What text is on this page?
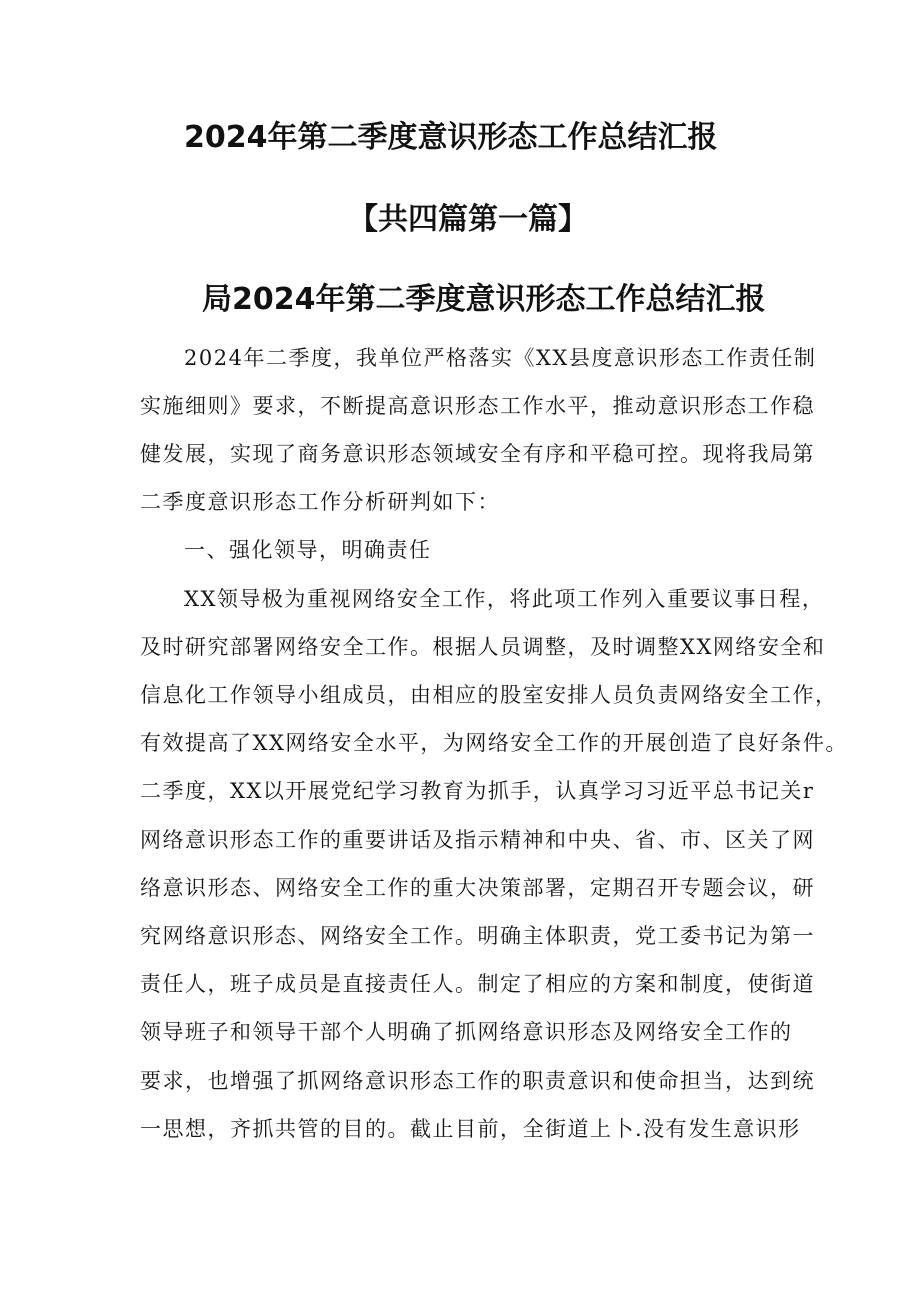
2024年第二季度意识形态工作总结汇报
【共四篇第一篇】
局2024年第二季度意识形态工作总结汇报
2024年二季度，我单位严格落实《XX县度意识形态工作责任制
实施细则》要求，不断提高意识形态工作水平，推动意识形态工作稳
健发展，实现了商务意识形态领域安全有序和平稳可控。现将我局第
二季度意识形态工作分析研判如下：
一、强化领导，明确责任
XX领导极为重视网络安全工作，将此项工作列入重要议事日程，
及时研究部署网络安全工作。根据人员调整，及时调整XX网络安全和
信息化工作领导小组成员，由相应的股室安排人员负责网络安全工作，
有效提高了XX网络安全水平，为网络安全工作的开展创造了良好条件。
二季度，XX以开展党纪学习教育为抓手，认真学习习近平总书记关r
网络意识形态工作的重要讲话及指示精神和中央、省、市、区关了网
络意识形态、网络安全工作的重大决策部署，定期召开专题会议，研
究网络意识形态、网络安全工作。明确主体职责，党工委书记为第一
责任人，班子成员是直接责任人。制定了相应的方案和制度，使街道
领导班子和领导干部个人明确了抓网络意识形态及网络安全工作的
要求，也增强了抓网络意识形态工作的职责意识和使命担当，达到统
一思想，齐抓共管的目的。截止目前，全街道上卜.没有发生意识形
